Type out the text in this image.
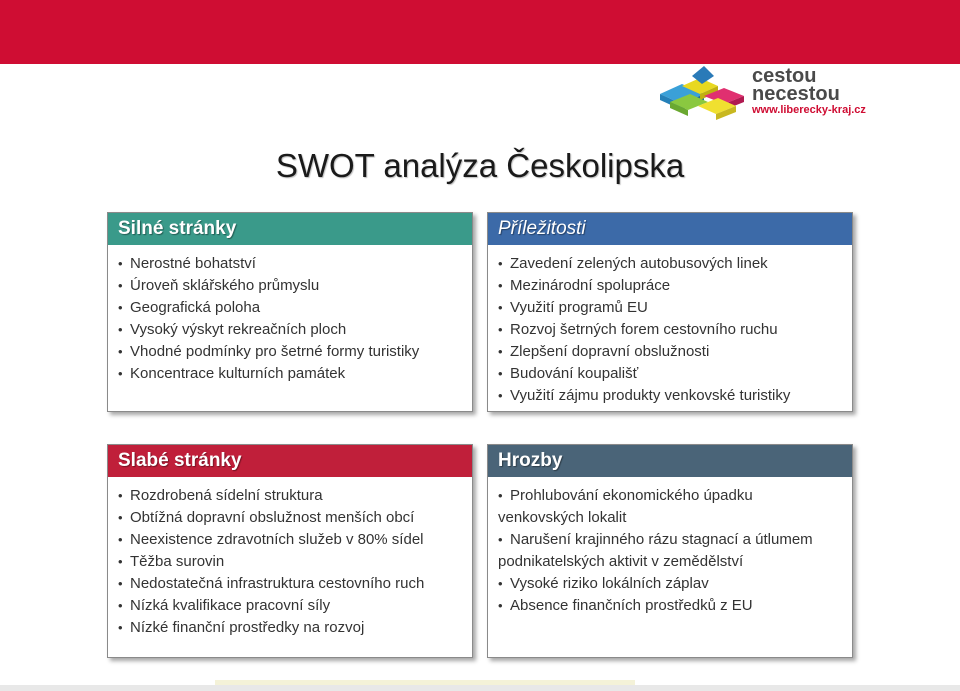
cestou
necestou
www.liberecky-kraj.cz
SWOT analýza Českolipska
Silné stránky
• Nerostné bohatství
• Úroveň sklářského průmyslu
• Geografická poloha
• Vysoký výskyt rekreačních ploch
• Vhodné podmínky pro šetrné formy turistiky
• Koncentrace kulturních památek
Příležitosti
• Zavedení zelených autobusových linek
• Mezinárodní spolupráce
• Využití programů EU
• Rozvoj šetrných forem cestovního ruchu
• Zlepšení dopravní obslužnosti
• Budování koupališť
• Využití zájmu produkty venkovské turistiky
Slabé stránky
• Rozdrobená sídelní struktura
• Obtížná dopravní obslužnost menších obcí
• Neexistence zdravotních služeb v 80% sídel
• Těžba surovin
• Nedostatečná infrastruktura cestovního ruch
• Nízká kvalifikace pracovní síly
• Nízké finanční prostředky na rozvoj
Hrozby
• Prohlubování ekonomického úpadku venkovských lokalit
• Narušení krajinného rázu stagnací a útlumem podnikatelských aktivit v zemědělství
• Vysoké riziko lokálních záplav
• Absence finančních prostředků z EU
